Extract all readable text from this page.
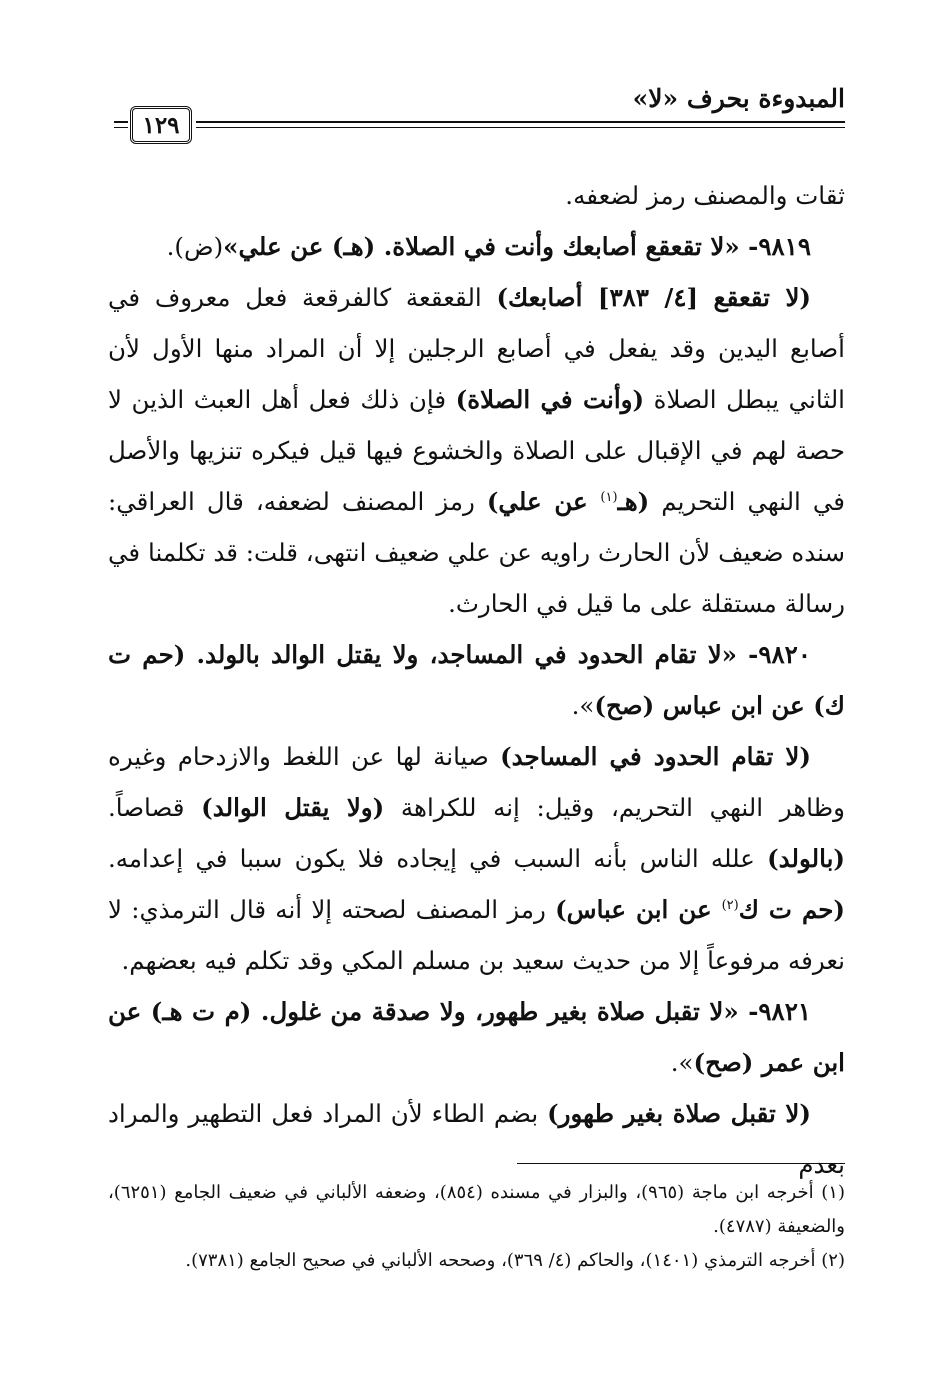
المبدوءة بحرف «لا»
١٢٩

ثقات والمصنف رمز لضعفه.

٩٨١٩- «لا تقعقع أصابعك وأنت في الصلاة. (هـ) عن علي»(ض).

(لا تقعقع [٤/ ٣٨٣] أصابعك) القعقعة كالفرقعة فعل معروف في أصابع اليدين وقد يفعل في أصابع الرجلين إلا أن المراد منها الأول لأن الثاني يبطل الصلاة (وأنت في الصلاة) فإن ذلك فعل أهل العبث الذين لا حصة لهم في الإقبال على الصلاة والخشوع فيها قيل فيكره تنزيها والأصل في النهي التحريم (هـ$^{(١)}$ عن علي) رمز المصنف لضعفه، قال العراقي: سنده ضعيف لأن الحارث راويه عن علي ضعيف انتهى، قلت: قد تكلمنا في رسالة مستقلة على ما قيل في الحارث.

٩٨٢٠- «لا تقام الحدود في المساجد، ولا يقتل الوالد بالولد. (حم ت ك) عن ابن عباس (صح)».

(لا تقام الحدود في المساجد) صيانة لها عن اللغط والازدحام وغيره وظاهر النهي التحريم، وقيل: إنه للكراهة (ولا يقتل الوالد) قصاصاً. (بالولد) علله الناس بأنه السبب في إيجاده فلا يكون سببا في إعدامه. (حم ت ك$^{(٢)}$ عن ابن عباس) رمز المصنف لصحته إلا أنه قال الترمذي: لا نعرفه مرفوعاً إلا من حديث سعيد بن مسلم المكي وقد تكلم فيه بعضهم.

٩٨٢١- «لا تقبل صلاة بغير طهور، ولا صدقة من غلول. (م ت هـ) عن ابن عمر (صح)».

(لا تقبل صلاة بغير طهور) بضم الطاء لأن المراد فعل التطهير والمراد بعدم

(١) أخرجه ابن ماجة (٩٦٥)، والبزار في مسنده (٨٥٤)، وضعفه الألباني في ضعيف الجامع (٦٢٥١)، والضعيفة (٤٧٨٧).

(٢) أخرجه الترمذي (١٤٠١)، والحاكم (٤/ ٣٦٩)، وصححه الألباني في صحيح الجامع (٧٣٨١).
